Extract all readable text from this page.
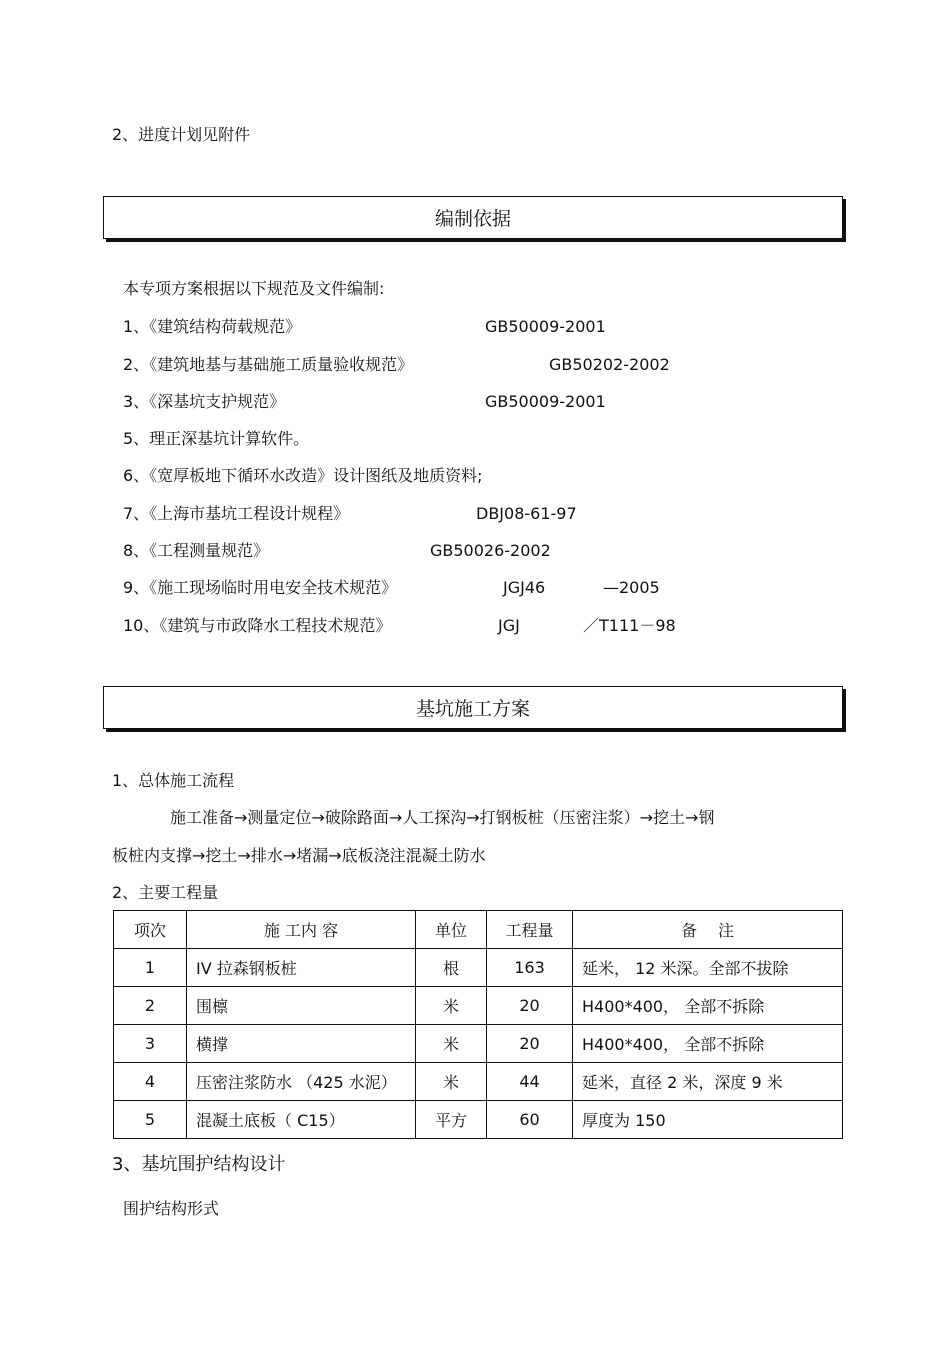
2、进度计划见附件
编制依据
本专项方案根据以下规范及文件编制:
1、《建筑结构荷载规范》	GB50009-2001
2、《建筑地基与基础施工质量验收规范》	GB50202-2002
3、《深基坑支护规范》	GB50009-2001
5、理正深基坑计算软件。
6、《宽厚板地下循环水改造》设计图纸及地质资料;
7、《上海市基坑工程设计规程》	DBJ08-61-97
8、《工程测量规范》	GB50026-2002
9、《施工现场临时用电安全技术规范》	JGJ46	—2005
10、《建筑与市政降水工程技术规范》	JGJ	／T111－98
基坑施工方案
1、总体施工流程
施工准备→测量定位→破除路面→人工探沟→打钢板桩（压密注浆）→挖土→钢
板桩内支撑→挖土→排水→堵漏→底板浇注混凝土防水
2、主要工程量
项次	施 工内 容	单位	工程量	备　 注
1	IV 拉森钢板桩	根	163	延米， 12 米深。全部不拔除
2	围檩	米	20	H400*400， 全部不拆除
3	横撑	米	20	H400*400， 全部不拆除
4	压密注浆防水 （425 水泥）	米	44	延米，直径 2 米，深度 9 米
5	混凝土底板（ C15）	平方	60	厚度为 150
3、基坑围护结构设计
围护结构形式
